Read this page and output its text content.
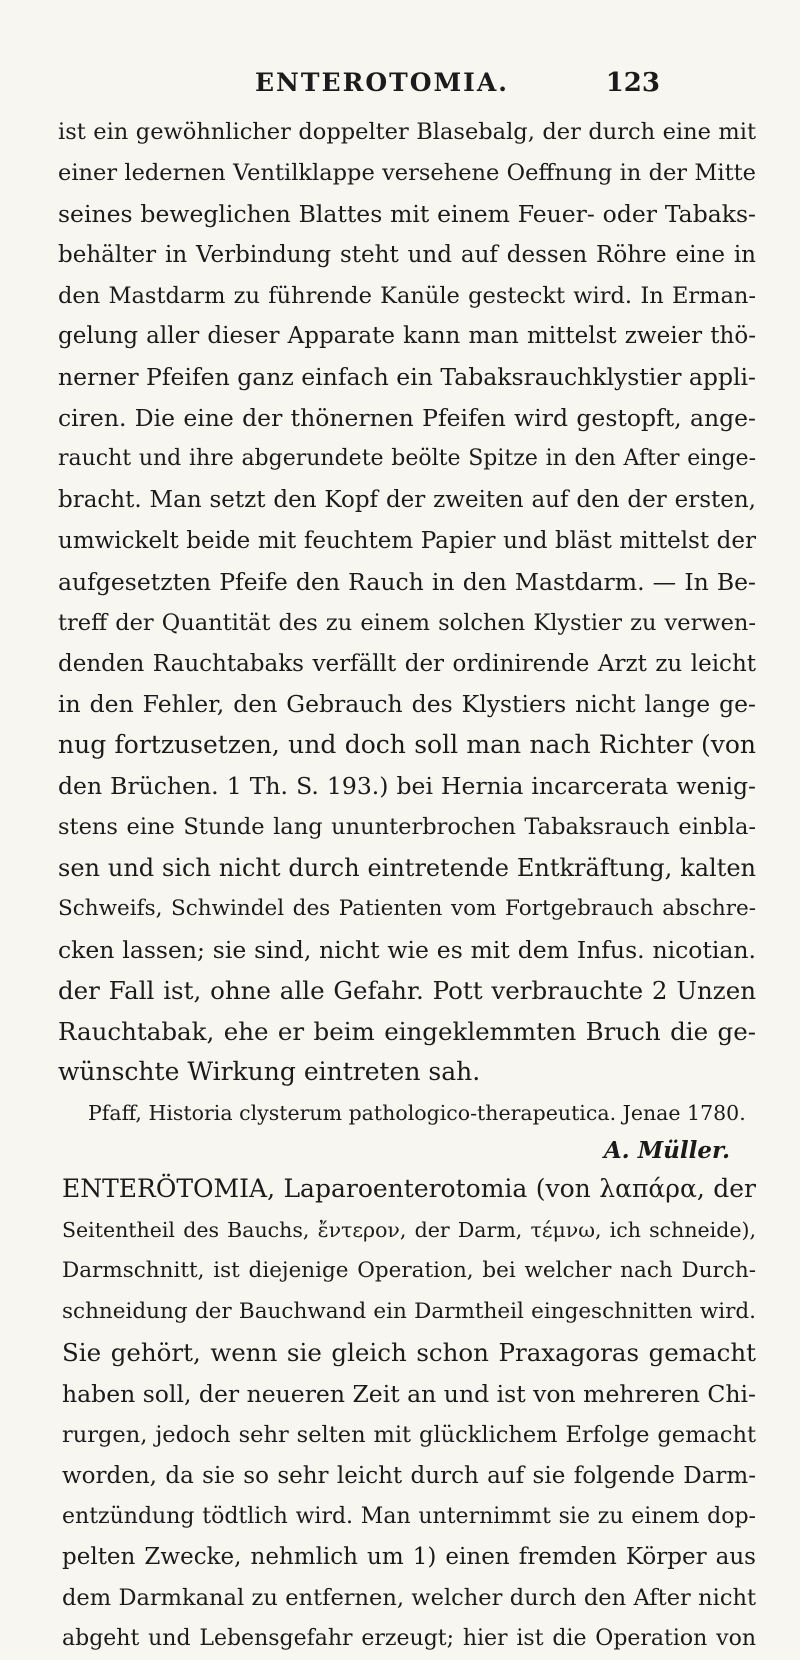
ENTEROTOMIA.	123
ist ein gewöhnlicher doppelter Blasebalg, der durch eine mit
einer ledernen Ventilklappe versehene Oeffnung in der Mitte
seines beweglichen Blattes mit einem Feuer- oder Tabaks-
behälter in Verbindung steht und auf dessen Röhre eine in
den Mastdarm zu führende Kanüle gesteckt wird. In Erman-
gelung aller dieser Apparate kann man mittelst zweier thö-
nerner Pfeifen ganz einfach ein Tabaksrauchklystier appli-
ciren. Die eine der thönernen Pfeifen wird gestopft, ange-
raucht und ihre abgerundete beölte Spitze in den After einge-
bracht. Man setzt den Kopf der zweiten auf den der ersten,
umwickelt beide mit feuchtem Papier und bläst mittelst der
aufgesetzten Pfeife den Rauch in den Mastdarm. — In Be-
treff der Quantität des zu einem solchen Klystier zu verwen-
denden Rauchtabaks verfällt der ordinirende Arzt zu leicht
in den Fehler, den Gebrauch des Klystiers nicht lange ge-
nug fortzusetzen, und doch soll man nach Richter (von
den Brüchen. 1 Th. S. 193.) bei Hernia incarcerata wenig-
stens eine Stunde lang ununterbrochen Tabaksrauch einbla-
sen und sich nicht durch eintretende Entkräftung, kalten
Schweifs, Schwindel des Patienten vom Fortgebrauch abschre-
cken lassen; sie sind, nicht wie es mit dem Infus. nicotian.
der Fall ist, ohne alle Gefahr. Pott verbrauchte 2 Unzen
Rauchtabak, ehe er beim eingeklemmten Bruch die ge-
wünschte Wirkung eintreten sah.
Pfaff, Historia clysterum pathologico-therapeutica. Jenae 1780.
A. Müller.
ENTERÖTOMIA, Laparoenterotomia (von λαπάρα, der
Seitentheil des Bauchs, ἔντερον, der Darm, τέμνω, ich schneide),
Darmschnitt, ist diejenige Operation, bei welcher nach Durch-
schneidung der Bauchwand ein Darmtheil eingeschnitten wird.
Sie gehört, wenn sie gleich schon Praxagoras gemacht
haben soll, der neueren Zeit an und ist von mehreren Chi-
rurgen, jedoch sehr selten mit glücklichem Erfolge gemacht
worden, da sie so sehr leicht durch auf sie folgende Darm-
entzündung tödtlich wird. Man unternimmt sie zu einem dop-
pelten Zwecke, nehmlich um 1) einen fremden Körper aus
dem Darmkanal zu entfernen, welcher durch den After nicht
abgeht und Lebensgefahr erzeugt; hier ist die Operation von
